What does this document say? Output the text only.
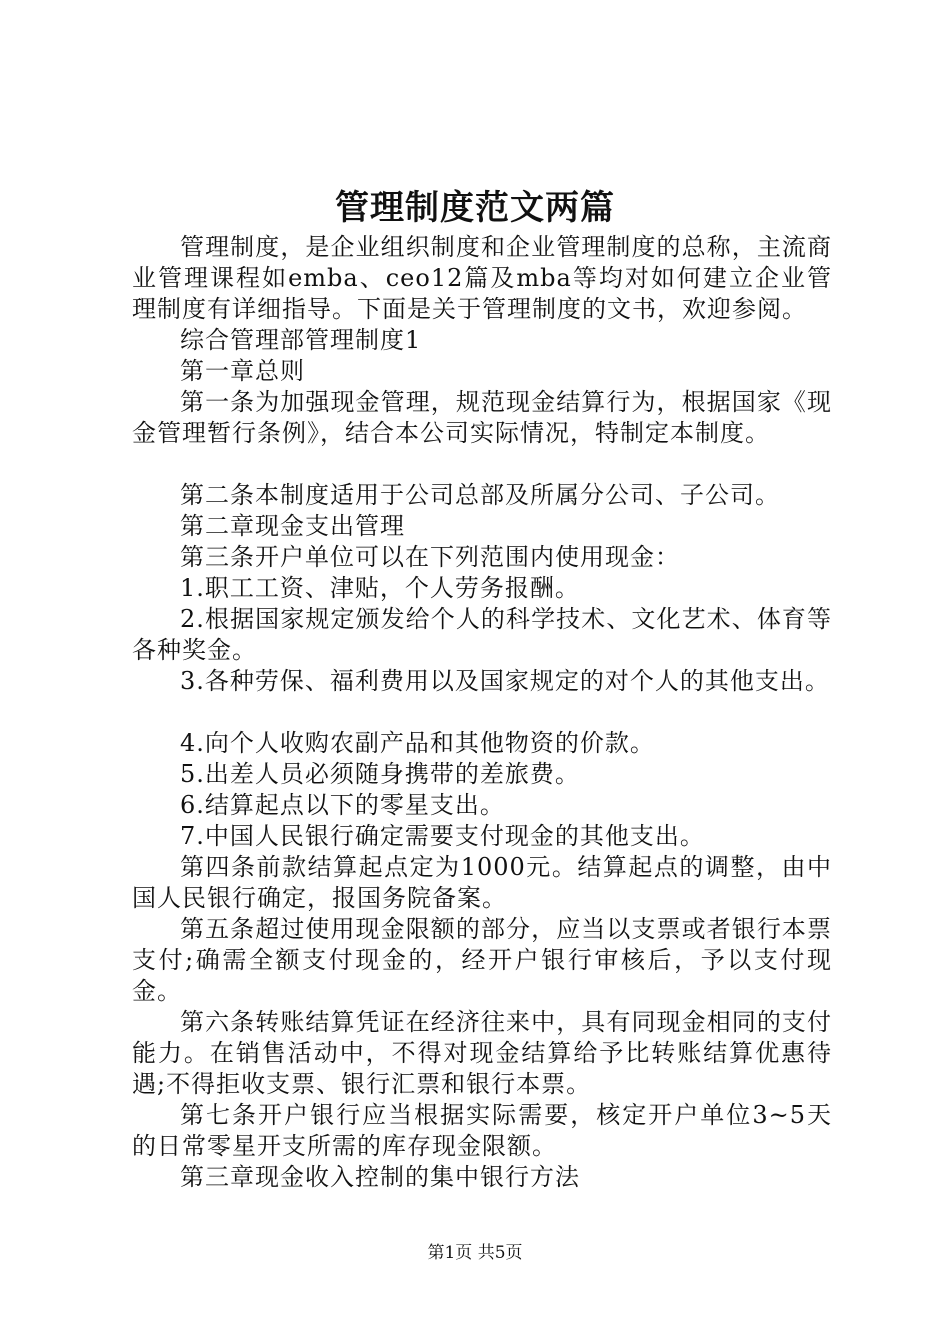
管理制度范文两篇

管理制度，是企业组织制度和企业管理制度的总称，主流商业管理课程如emba、ceo12篇及mba等均对如何建立企业管理制度有详细指导。下面是关于管理制度的文书，欢迎参阅。

综合管理部管理制度1

第一章总则

第一条为加强现金管理，规范现金结算行为，根据国家《现金管理暂行条例》，结合本公司实际情况，特制定本制度。

第二条本制度适用于公司总部及所属分公司、子公司。

第二章现金支出管理

第三条开户单位可以在下列范围内使用现金：

1.职工工资、津贴，个人劳务报酬。

2.根据国家规定颁发给个人的科学技术、文化艺术、体育等各种奖金。

3.各种劳保、福利费用以及国家规定的对个人的其他支出。

4.向个人收购农副产品和其他物资的价款。

5.出差人员必须随身携带的差旅费。

6.结算起点以下的零星支出。

7.中国人民银行确定需要支付现金的其他支出。

第四条前款结算起点定为1000元。结算起点的调整，由中国人民银行确定，报国务院备案。

第五条超过使用现金限额的部分，应当以支票或者银行本票支付;确需全额支付现金的，经开户银行审核后，予以支付现金。

第六条转账结算凭证在经济往来中，具有同现金相同的支付能力。在销售活动中，不得对现金结算给予比转账结算优惠待遇;不得拒收支票、银行汇票和银行本票。

第七条开户银行应当根据实际需要，核定开户单位3~5天的日常零星开支所需的库存现金限额。

第三章现金收入控制的集中银行方法

第1页 共5页
